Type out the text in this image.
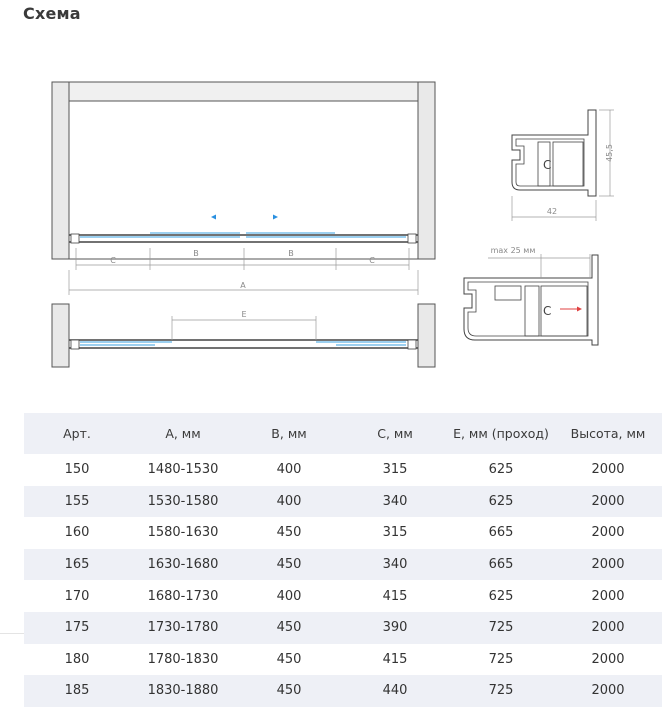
Схема
C
B	B
C
A
E
C
42
45,5
C
max 25 мм
Арт.	A, мм	B, мм	C, мм	E, мм (проход)	Высота, мм
150	1480-1530	400	315	625	2000
155	1530-1580	400	340	625	2000
160	1580-1630	450	315	665	2000
165	1630-1680	450	340	665	2000
170	1680-1730	400	415	625	2000
175	1730-1780	450	390	725	2000
180	1780-1830	450	415	725	2000
185	1830-1880	450	440	725	2000
